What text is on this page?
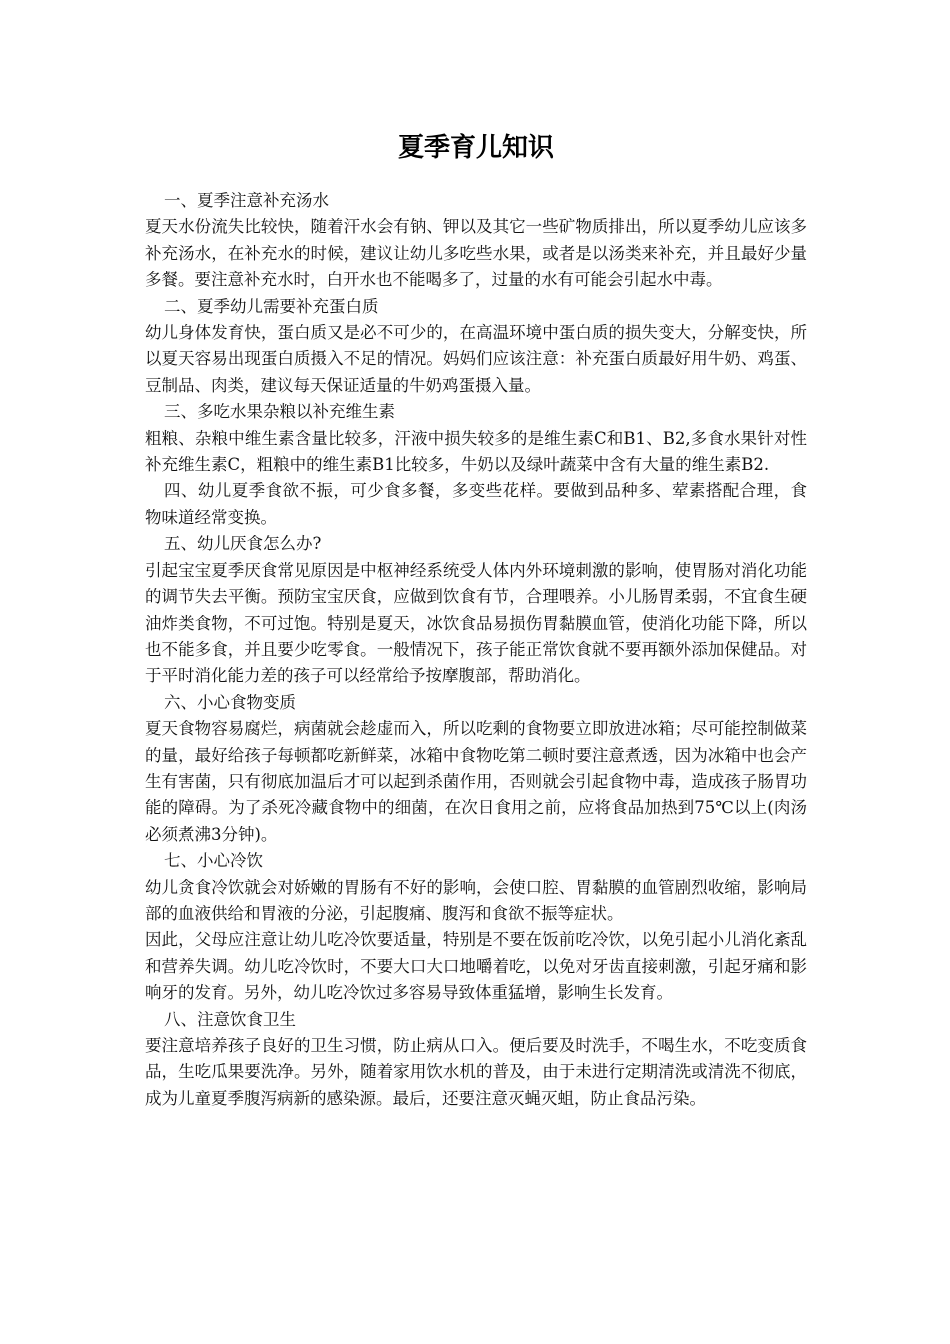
夏季育儿知识

一、夏季注意补充汤水

夏天水份流失比较快，随着汗水会有钠、钾以及其它一些矿物质排出，所以夏季幼儿应该多补充汤水，在补充水的时候，建议让幼儿多吃些水果，或者是以汤类来补充，并且最好少量多餐。要注意补充水时，白开水也不能喝多了，过量的水有可能会引起水中毒。

二、夏季幼儿需要补充蛋白质

幼儿身体发育快，蛋白质又是必不可少的，在高温环境中蛋白质的损失变大，分解变快，所以夏天容易出现蛋白质摄入不足的情况。妈妈们应该注意：补充蛋白质最好用牛奶、鸡蛋、豆制品、肉类，建议每天保证适量的牛奶鸡蛋摄入量。

三、多吃水果杂粮以补充维生素

粗粮、杂粮中维生素含量比较多，汗液中损失较多的是维生素C和B1、B2,多食水果针对性补充维生素C，粗粮中的维生素B1比较多，牛奶以及绿叶蔬菜中含有大量的维生素B2.

四、幼儿夏季食欲不振，可少食多餐，多变些花样。要做到品种多、荤素搭配合理，食物味道经常变换。

五、幼儿厌食怎么办?

引起宝宝夏季厌食常见原因是中枢神经系统受人体内外环境刺激的影响，使胃肠对消化功能的调节失去平衡。预防宝宝厌食，应做到饮食有节，合理喂养。小儿肠胃柔弱，不宜食生硬油炸类食物，不可过饱。特别是夏天，冰饮食品易损伤胃黏膜血管，使消化功能下降，所以也不能多食，并且要少吃零食。一般情况下，孩子能正常饮食就不要再额外添加保健品。对于平时消化能力差的孩子可以经常给予按摩腹部，帮助消化。

六、小心食物变质

夏天食物容易腐烂，病菌就会趁虚而入，所以吃剩的食物要立即放进冰箱；尽可能控制做菜的量，最好给孩子每顿都吃新鲜菜，冰箱中食物吃第二顿时要注意煮透，因为冰箱中也会产生有害菌，只有彻底加温后才可以起到杀菌作用，否则就会引起食物中毒，造成孩子肠胃功能的障碍。为了杀死冷藏食物中的细菌，在次日食用之前，应将食品加热到75℃以上(肉汤必须煮沸3分钟)。

七、小心冷饮

幼儿贪食冷饮就会对娇嫩的胃肠有不好的影响，会使口腔、胃黏膜的血管剧烈收缩，影响局部的血液供给和胃液的分泌，引起腹痛、腹泻和食欲不振等症状。

因此，父母应注意让幼儿吃冷饮要适量，特别是不要在饭前吃冷饮，以免引起小儿消化紊乱和营养失调。幼儿吃冷饮时，不要大口大口地嚼着吃，以免对牙齿直接刺激，引起牙痛和影响牙的发育。另外，幼儿吃冷饮过多容易导致体重猛增，影响生长发育。

八、注意饮食卫生

要注意培养孩子良好的卫生习惯，防止病从口入。便后要及时洗手，不喝生水，不吃变质食品，生吃瓜果要洗净。另外，随着家用饮水机的普及，由于未进行定期清洗或清洗不彻底，成为儿童夏季腹泻病新的感染源。最后，还要注意灭蝇灭蛆，防止食品污染。
